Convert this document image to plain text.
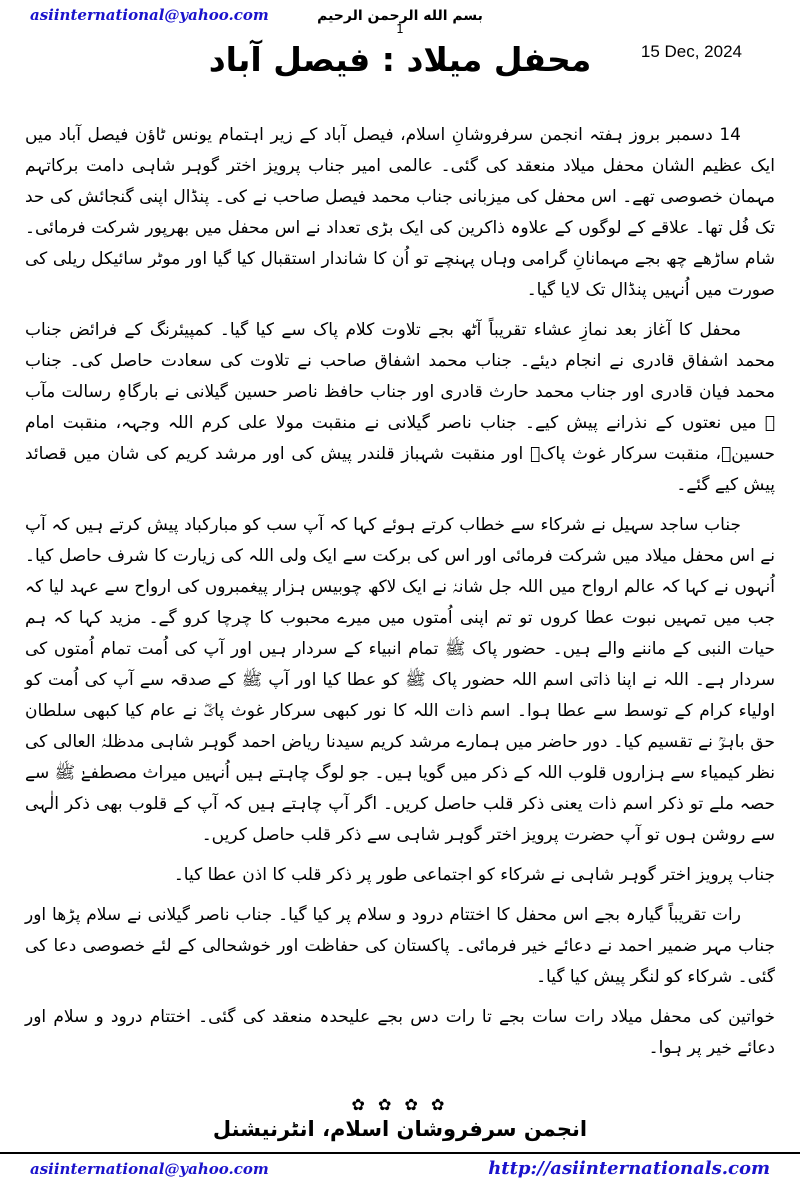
asiinternational@yahoo.com	بسم الله الرحمن الرحيم
1
15 Dec, 2024
محفل میلاد : فیصل آباد

14 دسمبر بروز ہفتہ انجمن سرفروشانِ اسلام، فیصل آباد کے زیر اہتمام یونس ٹاؤن فیصل آباد میں ایک عظیم الشان محفل میلاد منعقد کی گئی۔ عالمی امیر جناب پرویز اختر گوہر شاہی دامت برکاتہم مہمان خصوصی تھے۔ اس محفل کی میزبانی جناب محمد فیصل صاحب نے کی۔ پنڈال اپنی گنجائش کی حد تک فُل تھا۔ علاقے کے لوگوں کے علاوہ ذاکرین کی ایک بڑی تعداد نے اس محفل میں بھرپور شرکت فرمائی۔ شام ساڑھے چھ بجے مہمانانِ گرامی وہاں پہنچے تو اُن کا شاندار استقبال کیا گیا اور موٹر سائیکل ریلی کی صورت میں اُنہیں پنڈال تک لایا گیا۔

محفل کا آغاز بعد نمازِ عشاء تقریباً آٹھ بجے تلاوت کلام پاک سے کیا گیا۔ کمپیئرنگ کے فرائض جناب محمد اشفاق قادری نے انجام دیئے۔ جناب محمد اشفاق صاحب نے تلاوت کی سعادت حاصل کی۔ جناب محمد فیان قادری اور جناب محمد حارث قادری اور جناب حافظ ناصر حسین گیلانی نے بارگاہِ رسالت مآب ﷺ میں نعتوں کے نذرانے پیش کیے۔ جناب ناصر گیلانی نے منقبت مولا علی کرم اللہ وجہہ، منقبت امام حسینؑ، منقبت سرکار غوث پاکؓ اور منقبت شہباز قلندر پیش کی اور مرشد کریم کی شان میں قصائد پیش کیے گئے۔

جناب ساجد سہیل نے شرکاء سے خطاب کرتے ہوئے کہا کہ آپ سب کو مبارکباد پیش کرتے ہیں کہ آپ نے اس محفل میلاد میں شرکت فرمائی اور اس کی برکت سے ایک ولی اللہ کی زیارت کا شرف حاصل کیا۔ اُنہوں نے کہا کہ عالم ارواح میں اللہ جل شانہٗ نے ایک لاکھ چوبیس ہزار پیغمبروں کی ارواح سے عہد لیا کہ جب میں تمہیں نبوت عطا کروں تو تم اپنی اُمتوں میں میرے محبوب کا چرچا کرو گے۔ مزید کہا کہ ہم حیات النبی کے ماننے والے ہیں۔ حضور پاک ﷺ تمام انبیاء کے سردار ہیں اور آپ کی اُمت تمام اُمتوں کی سردار ہے۔ اللہ نے اپنا ذاتی اسم اللہ حضور پاک ﷺ کو عطا کیا اور آپ ﷺ کے صدقہ سے آپ کی اُمت کو اولیاء کرام کے توسط سے عطا ہوا۔ اسم ذات اللہ کا نور کبھی سرکار غوث پاکؓ نے عام کیا کبھی سلطان حق باہوؒ نے تقسیم کیا۔ دور حاضر میں ہمارے مرشد کریم سیدنا ریاض احمد گوہر شاہی مدظلہٗ العالی کی نظر کیمیاء سے ہزاروں قلوب اللہ کے ذکر میں گویا ہیں۔ جو لوگ چاہتے ہیں اُنہیں میراث مصطفےٰ ﷺ سے حصہ ملے تو ذکر اسم ذات یعنی ذکر قلب حاصل کریں۔ اگر آپ چاہتے ہیں کہ آپ کے قلوب بھی ذکر الٰہی سے روشن ہوں تو آپ حضرت پرویز اختر گوہر شاہی سے ذکر قلب حاصل کریں۔

جناب پرویز اختر گوہر شاہی نے شرکاء کو اجتماعی طور پر ذکر قلب کا اذن عطا کیا۔

رات تقریباً گیارہ بجے اس محفل کا اختتام درود و سلام پر کیا گیا۔ جناب ناصر گیلانی نے سلام پڑھا اور جناب مہر ضمیر احمد نے دعائے خیر فرمائی۔ پاکستان کی حفاظت اور خوشحالی کے لئے خصوصی دعا کی گئی۔ شرکاء کو لنگر پیش کیا گیا۔

خواتین کی محفل میلاد رات سات بجے تا رات دس بجے علیحدہ منعقد کی گئی۔ اختتام درود و سلام اور دعائے خیر پر ہوا۔

✿ ✿ ✿ ✿
انجمن سرفروشان اسلام، انٹرنیشنل
asiinternational@yahoo.com	http://asiinternationals.com
